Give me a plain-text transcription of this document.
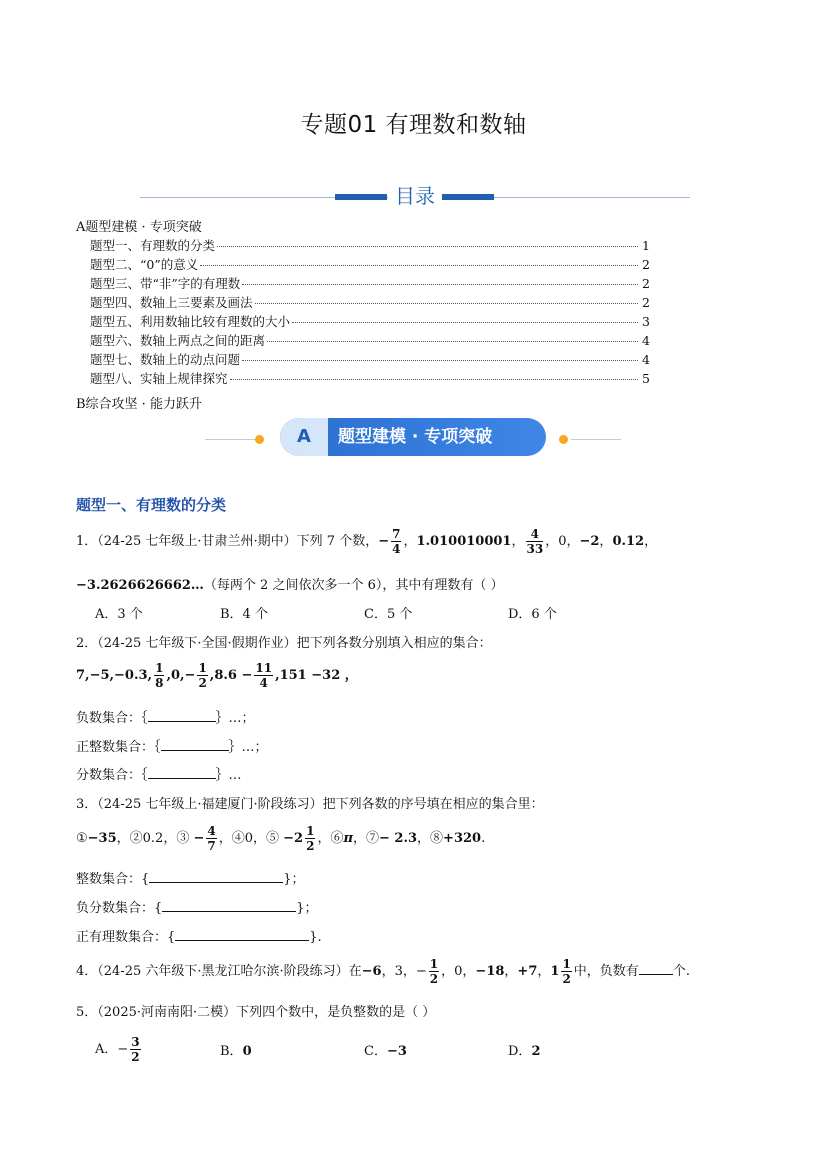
专题01 有理数和数轴
目录
A题型建模 · 专项突破
题型一、有理数的分类	1
题型二、“0”的意义	2
题型三、带“非”字的有理数	2
题型四、数轴上三要素及画法	2
题型五、利用数轴比较有理数的大小	3
题型六、数轴上两点之间的距离	4
题型七、数轴上的动点问题	4
题型八、实轴上规律探究	5
B综合攻坚 · 能力跃升
A	题型建模 · 专项突破
题型一、有理数的分类
1．（24-25 七年级上·甘肃兰州·期中）下列 7 个数，− $\frac{7}{4}$ ，1.010010001， $\frac{4}{33}$ ，0，−2，0.12，
−3.2626626662…（每两个 2 之间依次多一个 6），其中有理数有（ ）
A．3 个	B．4 个	C．5 个	D．6 个
2．（24-25 七年级下·全国·假期作业）把下列各数分别填入相应的集合：
7,−5,−0.3, $\frac{1}{8} ,0,- \frac{1}{2} ,8.6 - \frac{11}{4} ,151 -32$ ，
负数集合：｛	｝…；
正整数集合：｛	｝…；
分数集合：｛	｝…
3．（24-25 七年级上·福建厦门·阶段练习）把下列各数的序号填在相应的集合里：
①−35，②0.2，③ − $\frac{4}{7}$ ，④0，⑤ $-2 \frac{1}{2}$ ，⑥π，⑦− 2.3，⑧+320.
整数集合：{	}；
负分数集合：{	}；
正有理数集合：{	}.
4．（24-25 六年级下·黑龙江哈尔滨·阶段练习）在−6，3，− $\frac{1}{2}$ ，0，−18，+7，$1 \frac{1}{2}$ 中，负数有	个.
5．（2025·河南南阳·二模）下列四个数中，是负整数的是（ ）
A．− $\frac{3}{2}$	B．0	C．−3	D．2
